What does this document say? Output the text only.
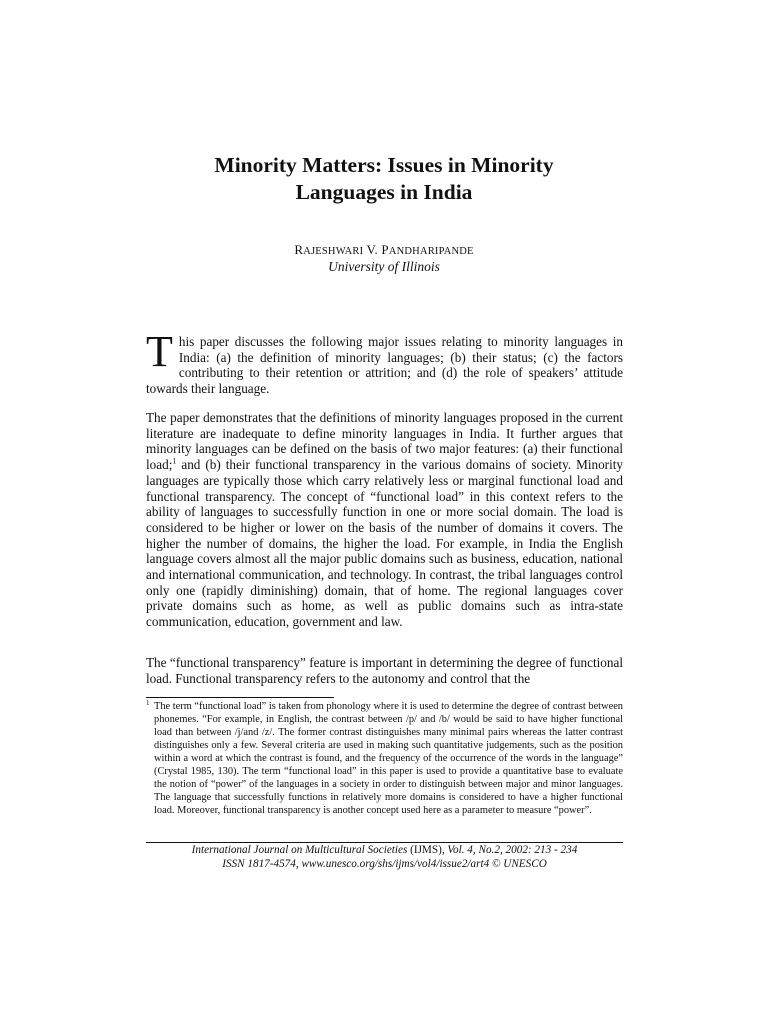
Minority Matters: Issues in Minority
Languages in India
RAJESHWARI V. PANDHARIPANDE
University of Illinois
This paper discusses the following major issues relating to minority languages in India: (a) the definition of minority languages; (b) their status; (c) the factors contributing to their retention or attrition; and (d) the role of speakers’ attitude towards their language.
The paper demonstrates that the definitions of minority languages proposed in the current literature are inadequate to define minority languages in India. It further argues that minority languages can be defined on the basis of two major features: (a) their functional load;$^1$ and (b) their functional transparency in the various domains of society. Minority languages are typically those which carry relatively less or marginal functional load and functional transparency. The concept of “functional load” in this context refers to the ability of languages to successfully function in one or more social domain. The load is considered to be higher or lower on the basis of the number of domains it covers. The higher the number of domains, the higher the load. For example, in India the English language covers almost all the major public domains such as business, education, national and international communication, and technology. In contrast, the tribal languages control only one (rapidly diminishing) domain, that of home. The regional languages cover private domains such as home, as well as public domains such as intra-state communication, education, government and law.
The “functional transparency” feature is important in determining the degree of functional load. Functional transparency refers to the autonomy and control that the
$^1$ The term “functional load” is taken from phonology where it is used to determine the degree of contrast between phonemes. “For example, in English, the contrast between /p/ and /b/ would be said to have higher functional load than between /j/and /z/. The former contrast distinguishes many minimal pairs whereas the latter contrast distinguishes only a few. Several criteria are used in making such quantitative judgements, such as the position within a word at which the contrast is found, and the frequency of the occurrence of the words in the language” (Crystal 1985, 130). The term “functional load” in this paper is used to provide a quantitative base to evaluate the notion of “power” of the languages in a society in order to distinguish between major and minor languages. The language that successfully functions in relatively more domains is considered to have a higher functional load. Moreover, functional transparency is another concept used here as a parameter to measure “power”.
International Journal on Multicultural Societies (IJMS), Vol. 4, No.2, 2002: 213 - 234
ISSN 1817-4574, www.unesco.org/shs/ijms/vol4/issue2/art4 © UNESCO
